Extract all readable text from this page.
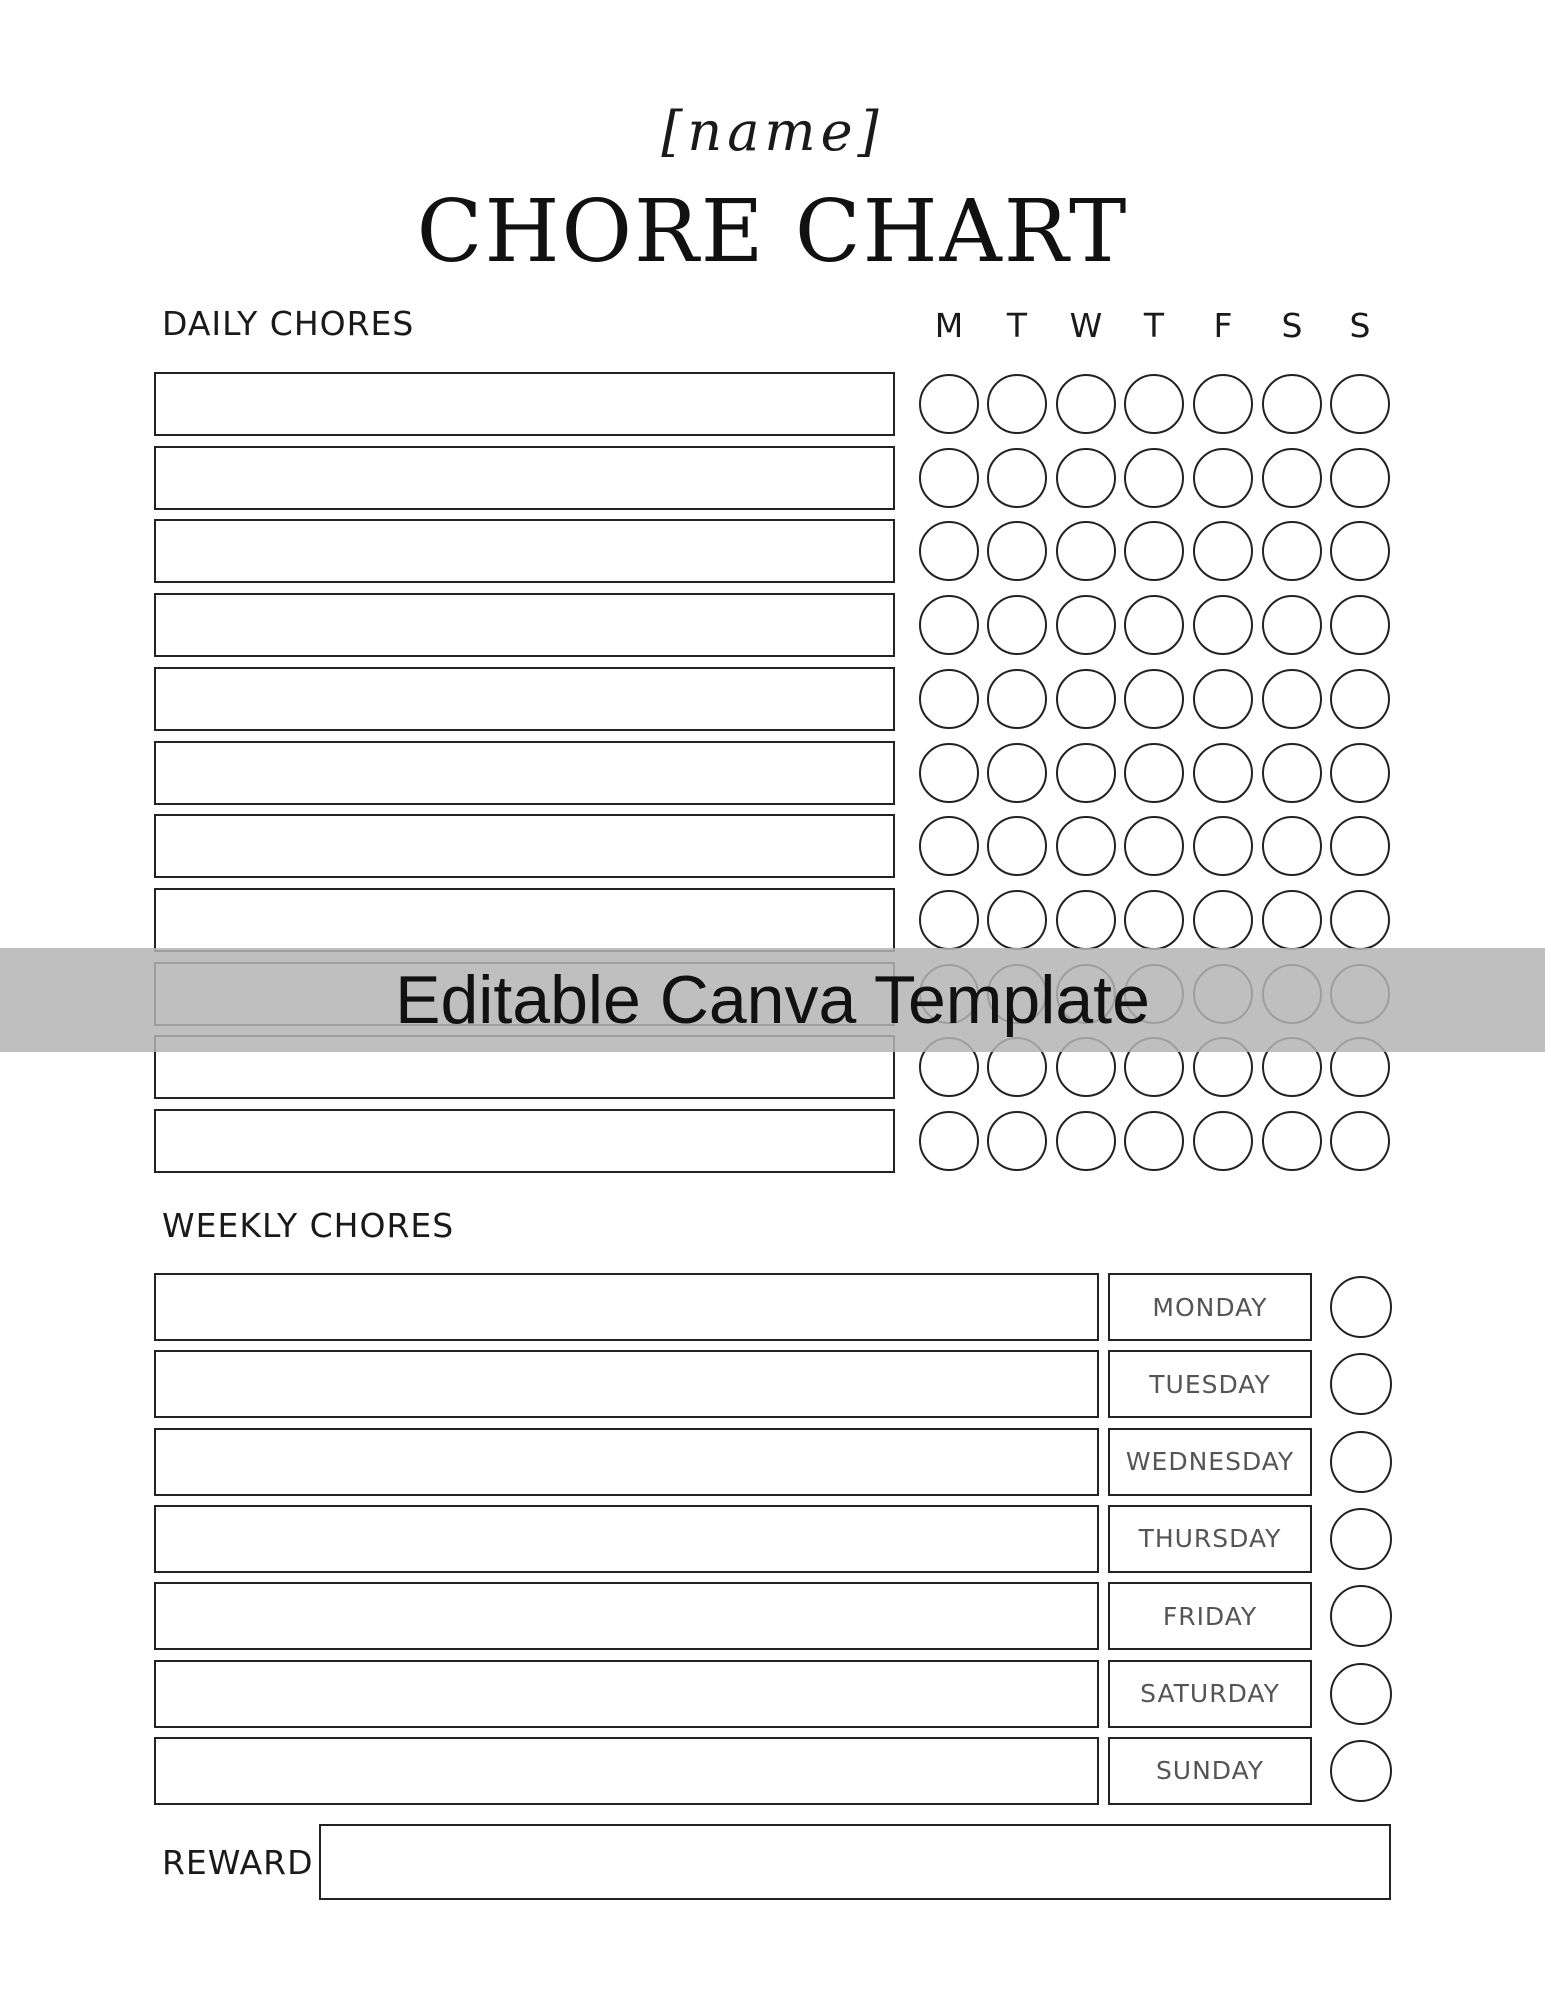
[name]
CHORE CHART
DAILY CHORES	M	T	W	T	F	S	S
WEEKLY CHORES
MONDAY
TUESDAY
WEDNESDAY
THURSDAY
FRIDAY
SATURDAY
SUNDAY
REWARD
Editable Canva Template
